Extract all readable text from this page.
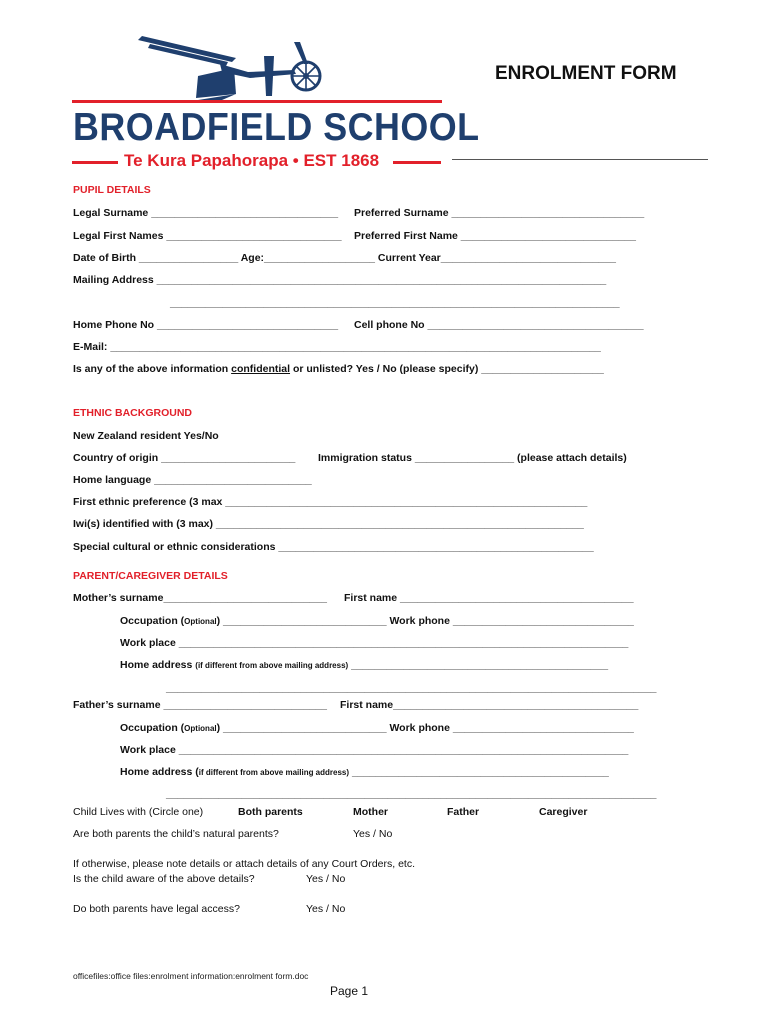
BROADFIELD SCHOOL
Te Kura Papahorapa • EST 1868
ENROLMENT FORM
PUPIL DETAILS
Legal Surname ________________________________ Preferred Surname _________________________________
Legal First Names ______________________________ Preferred First Name ______________________________
Date of Birth _________________ Age:___________________ Current Year______________________________
Mailing Address _____________________________________________________________________________
_____________________________________________________________________________
Home Phone No _______________________________ Cell phone No _____________________________________
E-Mail: ____________________________________________________________________________________
Is any of the above information confidential or unlisted? Yes / No (please specify) _____________________
ETHNIC BACKGROUND
New Zealand resident Yes/No
Country of origin _______________________ Immigration status _________________ (please attach details)
Home language ___________________________
First ethnic preference (3 max ______________________________________________________________
Iwi(s) identified with (3 max) _______________________________________________________________
Special cultural or ethnic considerations ______________________________________________________
PARENT/CAREGIVER DETAILS
Mother’s surname____________________________ First name ________________________________________
Occupation (Optional) ____________________________ Work phone _______________________________
Work place _____________________________________________________________________________
Home address (if different from above mailing address) ____________________________________________
____________________________________________________________________________________
Father’s surname ____________________________ First name__________________________________________
Occupation (Optional) ____________________________ Work phone _______________________________
Work place _____________________________________________________________________________
Home address (if different from above mailing address) ____________________________________________
____________________________________________________________________________________
Child Lives with (Circle one)	Both parents	Mother	Father	Caregiver
Are both parents the child’s natural parents?	Yes / No
If otherwise, please note details or attach details of any Court Orders, etc.
Is the child aware of the above details?	Yes / No
Do both parents have legal access?	Yes / No
officefiles:office files:enrolment information:enrolment form.doc
Page 1
